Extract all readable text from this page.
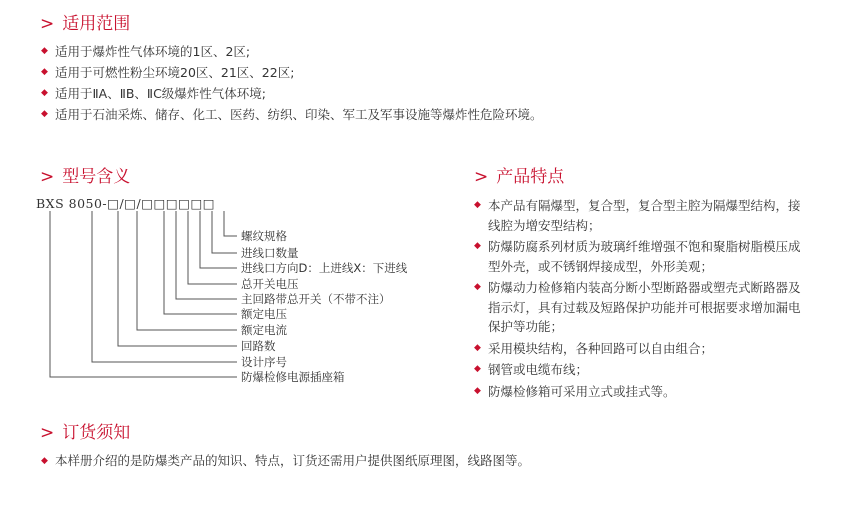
> 适用范围
◆ 适用于爆炸性气体环境的1区、2区;
◆ 适用于可燃性粉尘环境20区、21区、22区;
◆ 适用于ⅡA、ⅡB、ⅡC级爆炸性气体环境;
◆ 适用于石油采炼、储存、化工、医药、纺织、印染、军工及军事设施等爆炸性危险环境。
> 型号含义
BXS 8050-□/□/□□□□□□
螺纹规格
进线口数量
进线口方向D：上进线X：下进线
总开关电压
主回路带总开关（不带不注）
额定电压
额定电流
回路数
设计序号
防爆检修电源插座箱
> 产品特点
◆ 本产品有隔爆型，复合型，复合型主腔为隔爆型结构，接线腔为增安型结构；
◆ 防爆防腐系列材质为玻璃纤维增强不饱和聚脂树脂模压成型外壳，或不锈钢焊接成型，外形美观；
◆ 防爆动力检修箱内装高分断小型断路器或塑壳式断路器及指示灯，具有过载及短路保护功能并可根据要求增加漏电保护等功能；
◆ 采用模块结构，各种回路可以自由组合；
◆ 钢管或电缆布线；
◆ 防爆检修箱可采用立式或挂式等。
> 订货须知
◆ 本样册介绍的是防爆类产品的知识、特点，订货还需用户提供图纸原理图，线路图等。
